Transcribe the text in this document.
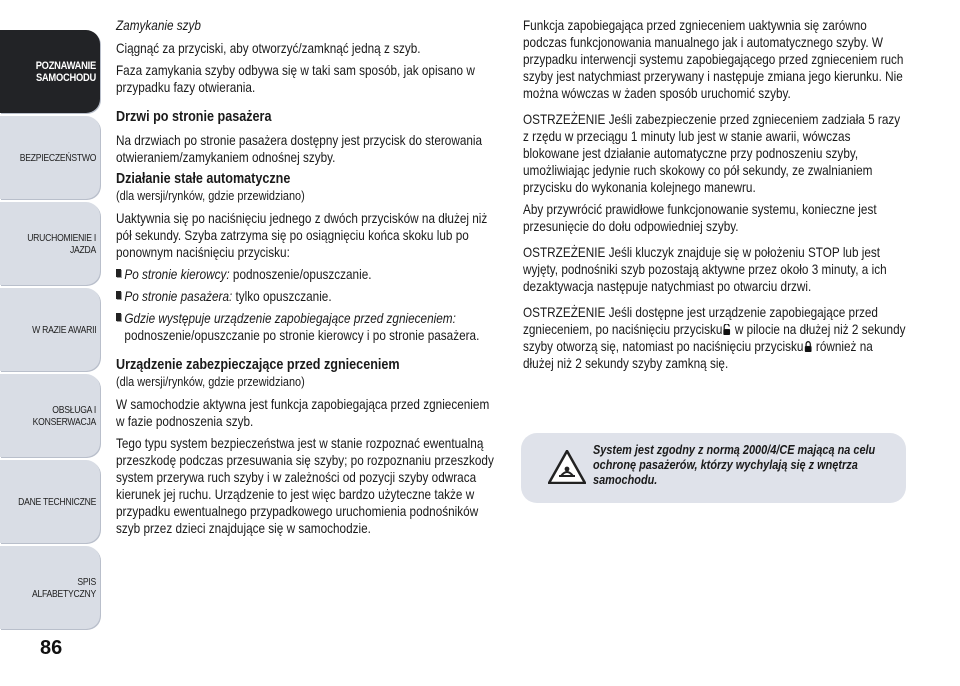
POZNAWANIE SAMOCHODU
BEZPIECZEŃSTWO
URUCHOMIENIE I JAZDA
W RAZIE AWARII
OBSŁUGA I KONSERWACJA
DANE TECHNICZNE
SPIS ALFABETYCZNY
86

Zamykanie szyb

Ciągnąć za przyciski, aby otworzyć/zamknąć jedną z szyb.

Faza zamykania szyby odbywa się w taki sam sposób, jak opisano w przypadku fazy otwierania.

Drzwi po stronie pasażera

Na drzwiach po stronie pasażera dostępny jest przycisk do sterowania otwieraniem/zamykaniem odnośnej szyby.

Działanie stałe automatyczne

(dla wersji/rynków, gdzie przewidziano)

Uaktywnia się po naciśnięciu jednego z dwóch przycisków na dłużej niż pół sekundy. Szyba zatrzyma się po osiągnięciu końca skoku lub po ponownym naciśnięciu przycisku:

Po stronie kierowcy: podnoszenie/opuszczanie.

Po stronie pasażera: tylko opuszczanie.

Gdzie występuje urządzenie zapobiegające przed zgnieceniem: podnoszenie/opuszczanie po stronie kierowcy i po stronie pasażera.

Urządzenie zabezpieczające przed zgnieceniem

(dla wersji/rynków, gdzie przewidziano)

W samochodzie aktywna jest funkcja zapobiegająca przed zgnieceniem w fazie podnoszenia szyb.

Tego typu system bezpieczeństwa jest w stanie rozpoznać ewentualną przeszkodę podczas przesuwania się szyby; po rozpoznaniu przeszkody system przerywa ruch szyby i w zależności od pozycji szyby odwraca kierunek jej ruchu. Urządzenie to jest więc bardzo użyteczne także w przypadku ewentualnego przypadkowego uruchomienia podnośników szyb przez dzieci znajdujące się w samochodzie.

Funkcja zapobiegająca przed zgnieceniem uaktywnia się zarówno podczas funkcjonowania manualnego jak i automatycznego szyby. W przypadku interwencji systemu zapobiegającego przed zgnieceniem ruch szyby jest natychmiast przerywany i następuje zmiana jego kierunku. Nie można wówczas w żaden sposób uruchomić szyby.

OSTRZEŻENIE Jeśli zabezpieczenie przed zgnieceniem zadziała 5 razy z rzędu w przeciągu 1 minuty lub jest w stanie awarii, wówczas blokowane jest działanie automatyczne przy podnoszeniu szyby, umożliwiając jedynie ruch skokowy co pół sekundy, ze zwalnianiem przycisku do wykonania kolejnego manewru.

Aby przywrócić prawidłowe funkcjonowanie systemu, konieczne jest przesunięcie do dołu odpowiedniej szyby.

OSTRZEŻENIE Jeśli kluczyk znajduje się w położeniu STOP lub jest wyjęty, podnośniki szyb pozostają aktywne przez około 3 minuty, a ich dezaktywacja następuje natychmiast po otwarciu drzwi.

OSTRZEŻENIE Jeśli dostępne jest urządzenie zapobiegające przed zgnieceniem, po naciśnięciu przycisku w pilocie na dłużej niż 2 sekundy szyby otworzą się, natomiast po naciśnięciu przycisku również na dłużej niż 2 sekundy szyby zamkną się.

System jest zgodny z normą 2000/4/CE mającą na celu ochronę pasażerów, którzy wychylają się z wnętrza samochodu.
